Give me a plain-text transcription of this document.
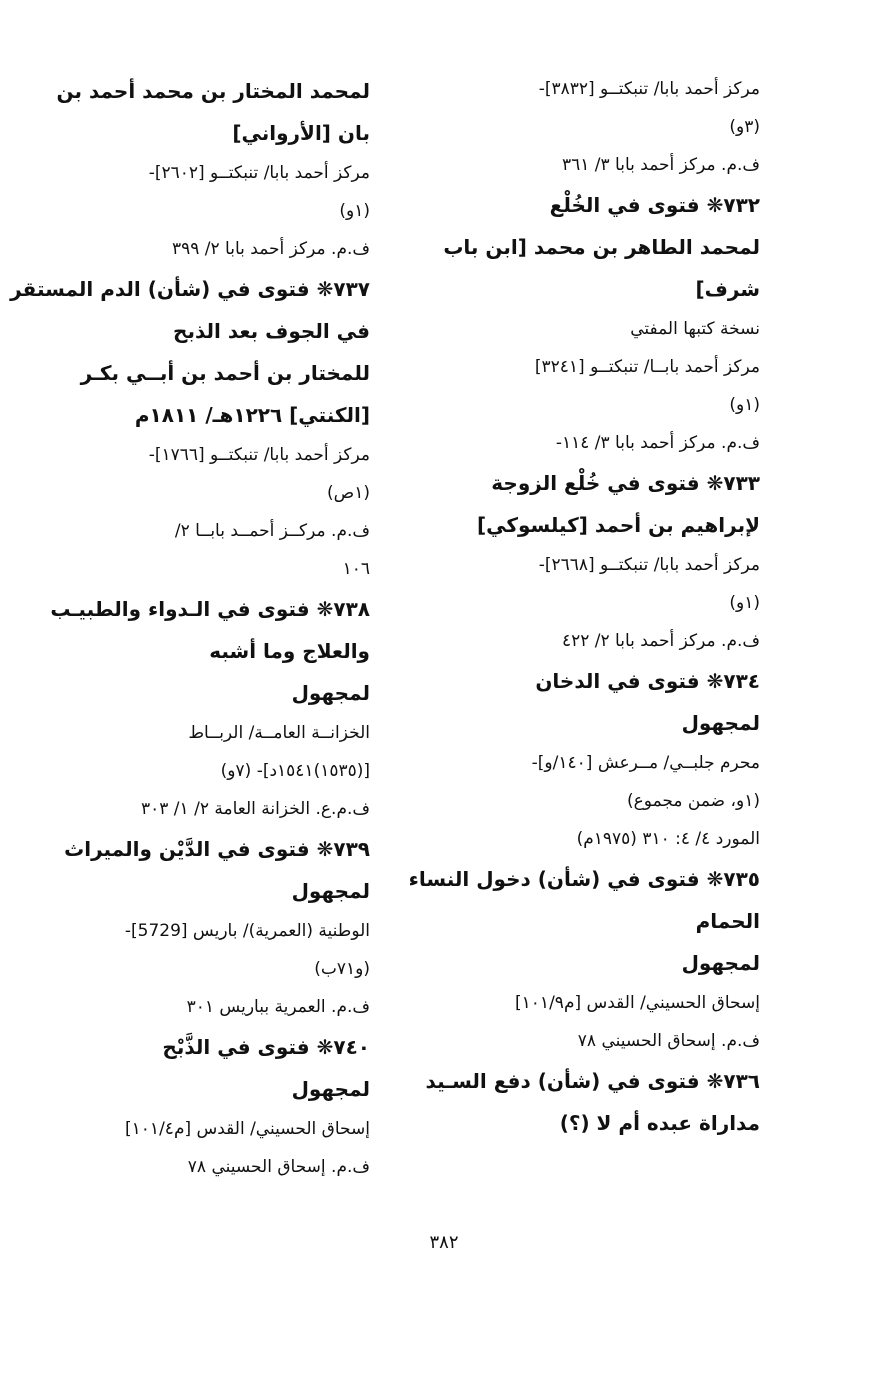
مركز أحمد بابا/ تنبكتــو [٣٨٣٢]-
(٣و)
ف.م. مركز أحمد بابا ٣/ ٣٦١
٧٣٢❋ فتوى في الخُلْع
لمحمد الطاهر بن محمد [ابن باب
شرف]
نسخة كتبها المفتي
مركز أحمد بابــا/ تنبكتــو [٣٢٤١]
(١و)
ف.م. مركز أحمد بابا ٣/ ١١٤-
٧٣٣❋ فتوى في خُلْع الزوجة
لإبراهيم بن أحمد [كيلسوكي]
مركز أحمد بابا/ تنبكتــو [٢٦٦٨]-
(١و)
ف.م. مركز أحمد بابا ٢/ ٤٢٢
٧٣٤❋ فتوى في الدخان
لمجهول
محرم جلبــي/ مــرعش [١٤٠/و]-
(١و، ضمن مجموع)
المورد ٤/ ٤: ٣١٠ (١٩٧٥م)
٧٣٥❋ فتوى في (شأن) دخول النساء
الحمام
لمجهول
إسحاق الحسيني/ القدس [م١٠١/٩]
ف.م. إسحاق الحسيني ٧٨
٧٣٦❋ فتوى في (شأن) دفع السـيد
مداراة عبده أم لا (؟)
لمحمد المختار بن محمد أحمد بن
بان [الأرواني]
مركز أحمد بابا/ تنبكتــو [٢٦٠٢]-
(١و)
ف.م. مركز أحمد بابا ٢/ ٣٩٩
٧٣٧❋ فتوى في (شأن) الدم المستقر
في الجوف بعد الذبح
للمختار بن أحمد بن أبــي بكـر
[الكنتي] ١٢٢٦هـ/ ١٨١١م
مركز أحمد بابا/ تنبكتــو [١٧٦٦]-
(١ص)
ف.م. مركــز أحمــد بابــا ٢/
١٠٦
٧٣٨❋ فتوى في الـدواء والطبيـب
والعلاج وما أشبه
لمجهول
الخزانــة العامــة/ الربــاط
[(١٥٣٥)١٥٤١د]- (٧و)
ف.م.ع. الخزانة العامة ٢/ ١/ ٣٠٣
٧٣٩❋ فتوى في الدَّيْن والميراث
لمجهول
الوطنية (العمرية)/ باريس [5729]-
(و٧١ب)
ف.م. العمرية بباريس ٣٠١
٧٤٠❋ فتوى في الذَّبْح
لمجهول
إسحاق الحسيني/ القدس [م١٠١/٤]
ف.م. إسحاق الحسيني ٧٨
٣٨٢
